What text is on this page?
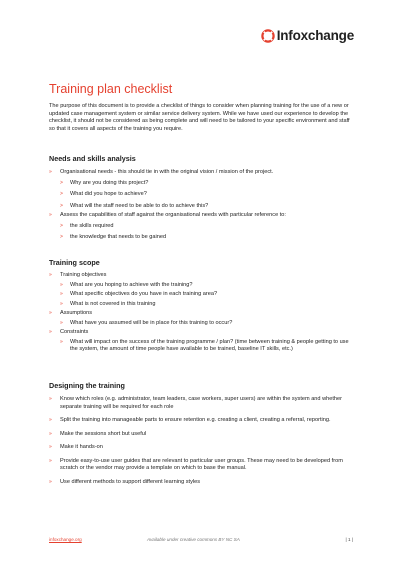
Infoxchange
Training plan checklist

The purpose of this document is to provide a checklist of things to consider when planning training for the use of a new or updated case management system or similar service delivery system. While we have used our experience to develop the checklist, it should not be considered as being complete and will need to be tailored to your specific environment and staff so that it covers all aspects of the training you require.

Needs and skills analysis
» Organisational needs - this should tie in with the original vision / mission of the project.
> Why are you doing this project?
> What did you hope to achieve?
> What will the staff need to be able to do to achieve this?
» Assess the capabilities of staff against the organisational needs with particular reference to:
> the skills required
> the knowledge that needs to be gained
Training scope
» Training objectives
» What are you hoping to achieve with the training?
» What specific objectives do you have in each training area?
» What is not covered in this training
» Assumptions
» What have you assumed will be in place for this training to occur?
» Constraints
» What will impact on the success of the training programme / plan? (time between training & people getting to use the system, the amount of time people have available to be trained, baseline IT skills, etc.)
Designing the training
» Know which roles (e.g. administrator, team leaders, case workers, super users) are within the system and whether separate training will be required for each role
» Split the training into manageable parts to ensure retention e.g. creating a client, creating a referral, reporting.
» Make the sessions short but useful
» Make it hands-on
» Provide easy-to-use user guides that are relevant to particular user groups. These may need to be developed from scratch or the vendor may provide a template on which to base the manual.
» Use different methods to support different learning styles
infoxchange.org	Available under creative commons BY NC SA	| 1 |
